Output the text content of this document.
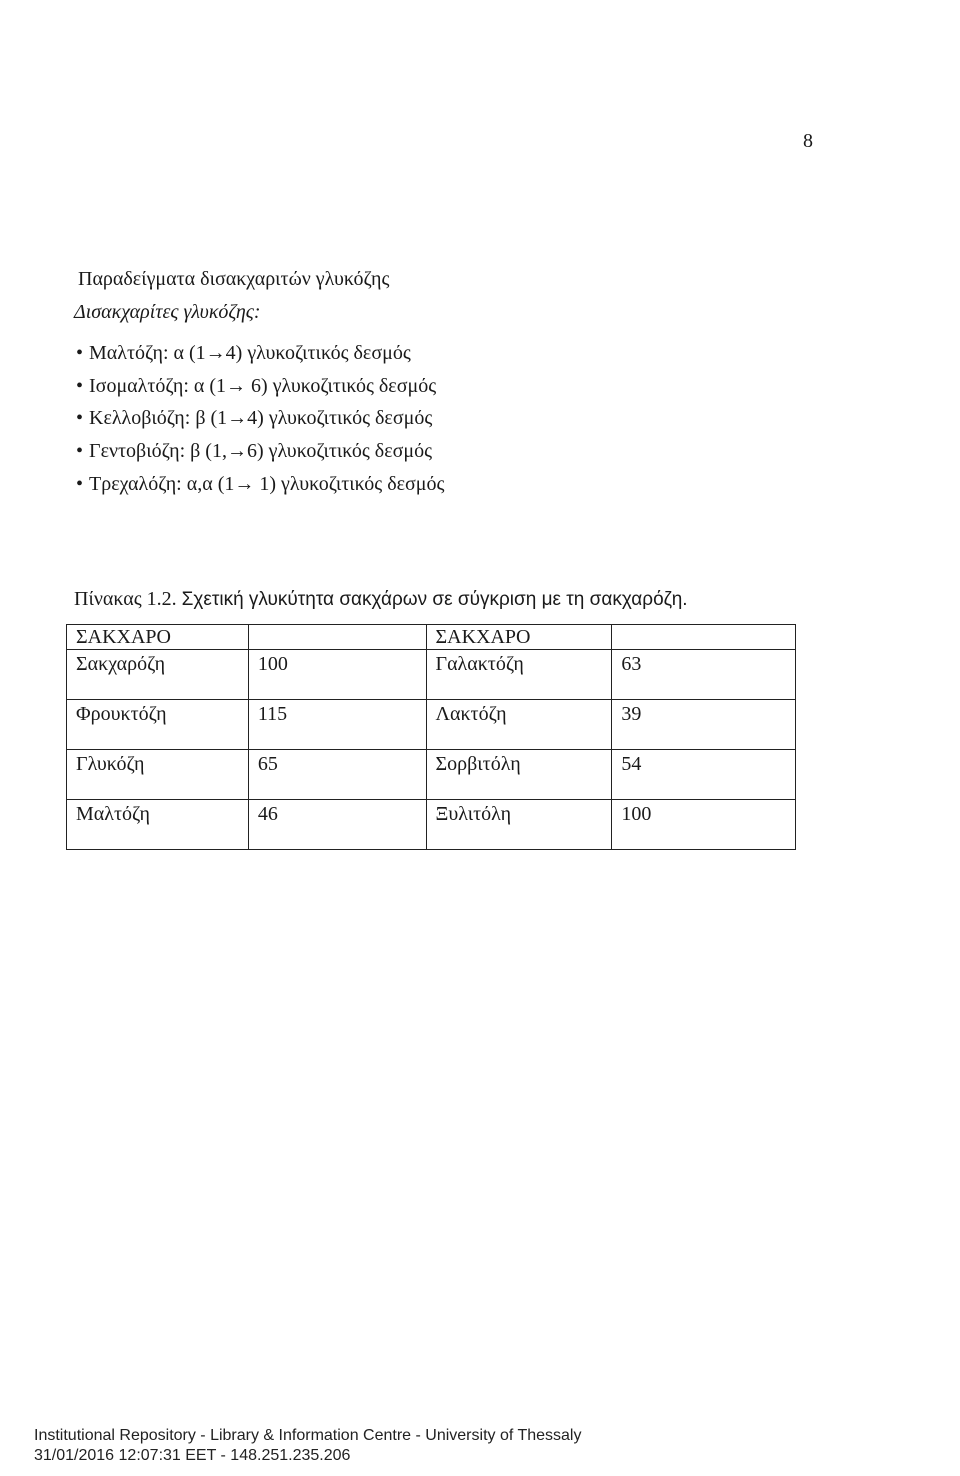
8
Παραδείγματα δισακχαριτών γλυκόζης
Δισακχαρίτες γλυκόζης:
• Μαλτόζη: α (1→4) γλυκοζιτικός δεσμός
• Ισομαλτόζη: α (1→ 6) γλυκοζιτικός δεσμός
• Κελλοβιόζη: β (1→4) γλυκοζιτικός δεσμός
• Γεντοβιόζη: β (1,→6) γλυκοζιτικός δεσμός
• Τρεχαλόζη: α,α (1→ 1) γλυκοζιτικός δεσμός
Πίνακας 1.2. Σχετική γλυκύτητα σακχάρων σε σύγκριση με τη σακχαρόζη.
ΣΑΚΧΑΡΟ		ΣΑΚΧΑΡΟ	
Σακχαρόζη	100	Γαλακτόζη	63
Φρουκτόζη	115	Λακτόζη	39
Γλυκόζη	65	Σορβιτόλη	54
Μαλτόζη	46	Ξυλιτόλη	100
Institutional Repository - Library & Information Centre - University of Thessaly
31/01/2016 12:07:31 EET - 148.251.235.206
